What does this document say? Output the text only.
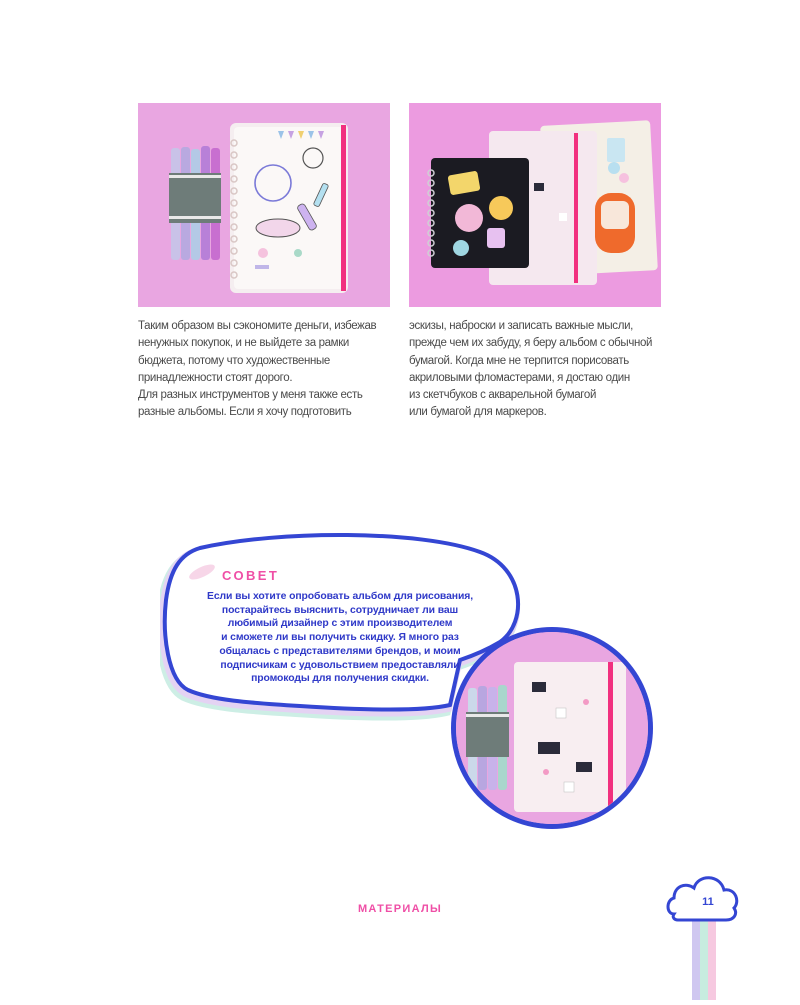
Таким образом вы сэкономите деньги, избежав
ненужных покупок, и не выйдете за рамки
бюджета, потому что художественные
принадлежности стоят дорого.
Для разных инструментов у меня также есть
разные альбомы. Если я хочу подготовить
эскизы, наброски и записать важные мысли,
прежде чем их забуду, я беру альбом с обычной
бумагой. Когда мне не терпится порисовать
акриловыми фломастерами, я достаю один
из скетчбуков с акварельной бумагой
или бумагой для маркеров.
СОВЕТ
Если вы хотите опробовать альбом для рисования,
постарайтесь выяснить, сотрудничает ли ваш
любимый дизайнер с этим производителем
и сможете ли вы получить скидку. Я много раз
общалась с представителями брендов, и моим
подписчикам с удовольствием предоставляли
промокоды для получения скидки.
МАТЕРИАЛЫ
11
